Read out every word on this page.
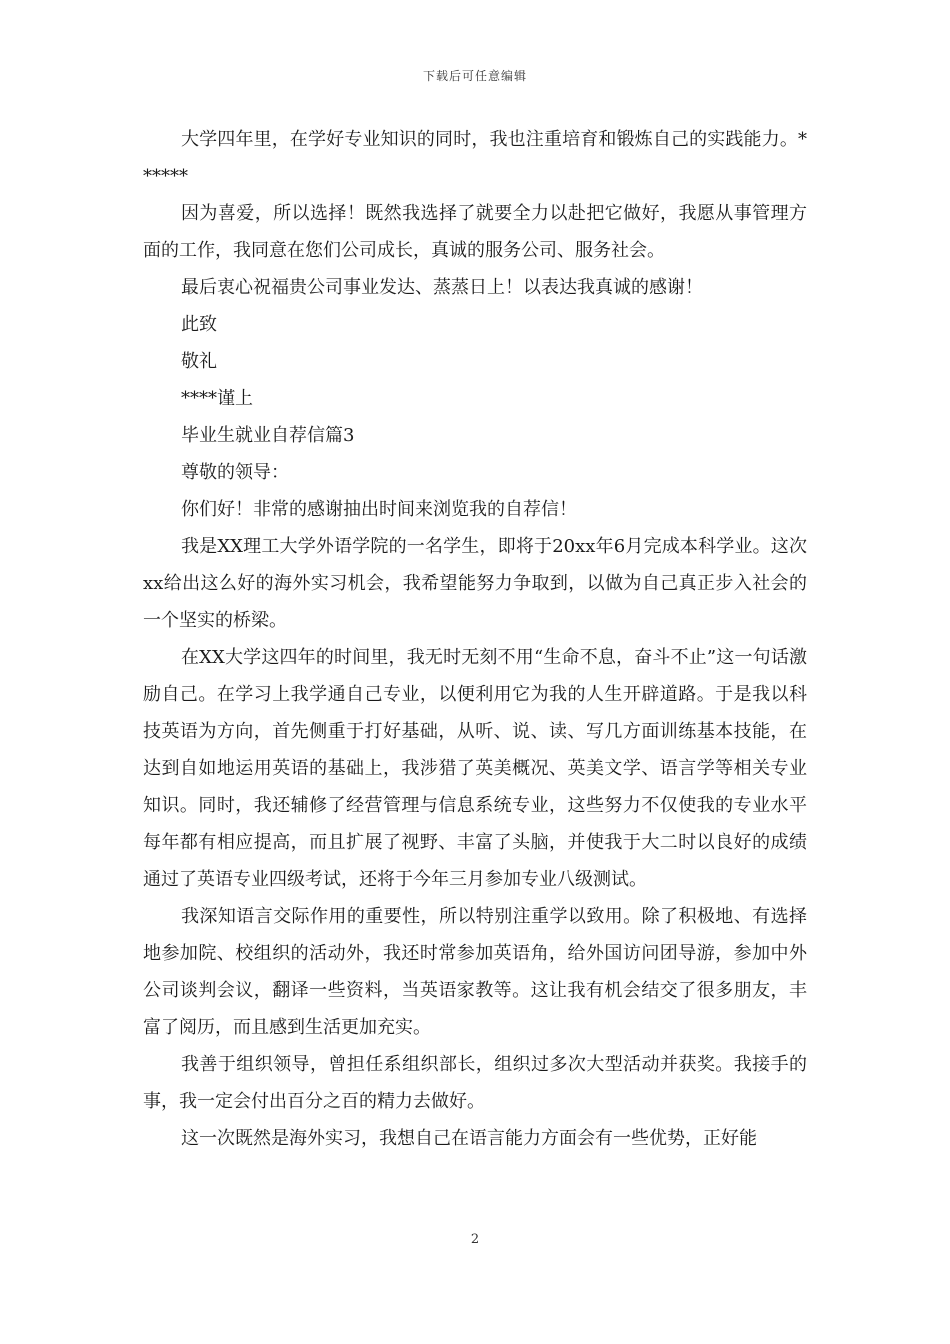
下载后可任意编辑

大学四年里，在学好专业知识的同时，我也注重培育和锻炼自己的实践能力。******

因为喜爱，所以选择！既然我选择了就要全力以赴把它做好，我愿从事管理方面的工作，我同意在您们公司成长，真诚的服务公司、服务社会。

最后衷心祝福贵公司事业发达、蒸蒸日上！以表达我真诚的感谢！

此致

敬礼

****谨上

毕业生就业自荐信篇3

尊敬的领导：

你们好！非常的感谢抽出时间来浏览我的自荐信！

我是XX理工大学外语学院的一名学生，即将于20xx年6月完成本科学业。这次xx给出这么好的海外实习机会，我希望能努力争取到，以做为自己真正步入社会的一个坚实的桥梁。

在XX大学这四年的时间里，我无时无刻不用“生命不息，奋斗不止”这一句话激励自己。在学习上我学通自己专业，以便利用它为我的人生开辟道路。于是我以科技英语为方向，首先侧重于打好基础，从听、说、读、写几方面训练基本技能，在达到自如地运用英语的基础上，我涉猎了英美概况、英美文学、语言学等相关专业知识。同时，我还辅修了经营管理与信息系统专业，这些努力不仅使我的专业水平每年都有相应提高，而且扩展了视野、丰富了头脑，并使我于大二时以良好的成绩通过了英语专业四级考试，还将于今年三月参加专业八级测试。

我深知语言交际作用的重要性，所以特别注重学以致用。除了积极地、有选择地参加院、校组织的活动外，我还时常参加英语角，给外国访问团导游，参加中外公司谈判会议，翻译一些资料，当英语家教等。这让我有机会结交了很多朋友，丰富了阅历，而且感到生活更加充实。

我善于组织领导，曾担任系组织部长，组织过多次大型活动并获奖。我接手的事，我一定会付出百分之百的精力去做好。

这一次既然是海外实习，我想自己在语言能力方面会有一些优势，正好能

2
